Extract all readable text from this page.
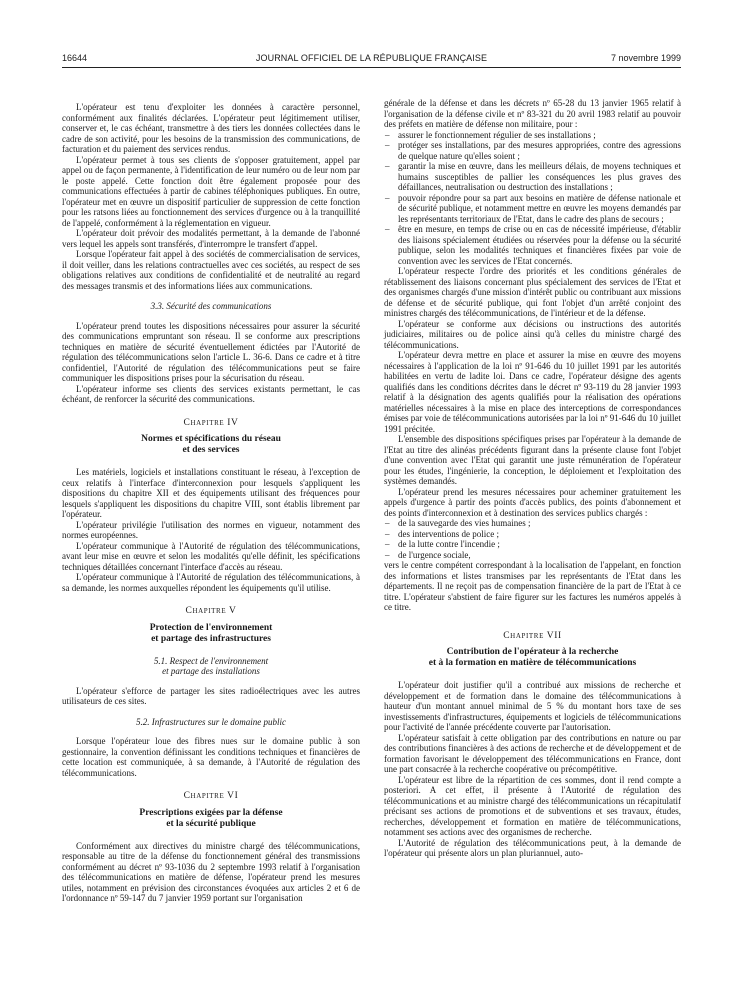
16644	JOURNAL OFFICIEL DE LA RÉPUBLIQUE FRANÇAISE	7 novembre 1999

L'opérateur est tenu d'exploiter les données à caractère personnel, conformément aux finalités déclarées. L'opérateur peut légitimement utiliser, conserver et, le cas échéant, transmettre à des tiers les données collectées dans le cadre de son activité, pour les besoins de la transmission des communications, de facturation et du paiement des services rendus.

L'opérateur permet à tous ses clients de s'opposer gratuitement, appel par appel ou de façon permanente, à l'identification de leur numéro ou de leur nom par le poste appelé. Cette fonction doit être également proposée pour des communications effectuées à partir de cabines téléphoniques publiques. En outre, l'opérateur met en œuvre un dispositif particulier de suppression de cette fonction pour les ratsons liées au fonctionnement des services d'urgence ou à la tranquillité de l'appelé, conformément à la réglementation en vigueur.

L'opérateur doit prévoir des modalités permettant, à la demande de l'abonné vers lequel les appels sont transférés, d'interrompre le transfert d'appel.

Lorsque l'opérateur fait appel à des sociétés de commercialisation de services, il doit veiller, dans les relations contractuelles avec ces sociétés, au respect de ses obligations relatives aux conditions de confidentialité et de neutralité au regard des messages transmis et des informations liées aux communications.

3.3. Sécurité des communications

L'opérateur prend toutes les dispositions nécessaires pour assurer la sécurité des communications empruntant son réseau. Il se conforme aux prescriptions techniques en matière de sécurité éventuellement édictées par l'Autorité de régulation des télécommunications selon l'article L. 36-6. Dans ce cadre et à titre confidentiel, l'Autorité de régulation des télécommunications peut se faire communiquer les dispositions prises pour la sécurisation du réseau.

L'opérateur informe ses clients des services existants permettant, le cas échéant, de renforcer la sécurité des communications.

Chapitre IV
Normes et spécifications du réseau
et des services

Les matériels, logiciels et installations constituant le réseau, à l'exception de ceux relatifs à l'interface d'interconnexion pour lesquels s'appliquent les dispositions du chapitre XII et des équipements utilisant des fréquences pour lesquels s'appliquent les dispositions du chapitre VIII, sont établis librement par l'opérateur.

L'opérateur privilégie l'utilisation des normes en vigueur, notamment des normes européennes.

L'opérateur communique à l'Autorité de régulation des télécommunications, avant leur mise en œuvre et selon les modalités qu'elle définit, les spécifications techniques détaillées concernant l'interface d'accès au réseau.

L'opérateur communique à l'Autorité de régulation des télécommunications, à sa demande, les normes auxquelles répondent les équipements qu'il utilise.

Chapitre V
Protection de l'environnement
et partage des infrastructures
5.1. Respect de l'environnement
et partage des installations

L'opérateur s'efforce de partager les sites radioélectriques avec les autres utilisateurs de ces sites.

5.2. Infrastructures sur le domaine public

Lorsque l'opérateur loue des fibres nues sur le domaine public à son gestionnaire, la convention définissant les conditions techniques et financières de cette location est communiquée, à sa demande, à l'Autorité de régulation des télécommunications.

Chapitre VI
Prescriptions exigées par la défense
et la sécurité publique

Conformément aux directives du ministre chargé des télécommunications, responsable au titre de la défense du fonctionnement général des transmissions conformément au décret nº 93-1036 du 2 septembre 1993 relatif à l'organisation des télécommunications en matière de défense, l'opérateur prend les mesures utiles, notamment en prévision des circonstances évoquées aux articles 2 et 6 de l'ordonnance nº 59-147 du 7 janvier 1959 portant sur l'organisation

générale de la défense et dans les décrets nº 65-28 du 13 janvier 1965 relatif à l'organisation de la défense civile et nº 83-321 du 20 avril 1983 relatif au pouvoir des préfets en matière de défense non militaire, pour :

– assurer le fonctionnement régulier de ses installations ;
– protéger ses installations, par des mesures appropriées, contre des agressions de quelque nature qu'elles soient ;
– garantir la mise en œuvre, dans les meilleurs délais, de moyens techniques et humains susceptibles de pallier les conséquences les plus graves des défaillances, neutralisation ou destruction des installations ;
– pouvoir répondre pour sa part aux besoins en matière de défense nationale et de sécurité publique, et notamment mettre en œuvre les moyens demandés par les représentants territoriaux de l'Etat, dans le cadre des plans de secours ;
– être en mesure, en temps de crise ou en cas de nécessité impérieuse, d'établir des liaisons spécialement étudiées ou réservées pour la défense ou la sécurité publique, selon les modalités techniques et financières fixées par voie de convention avec les services de l'Etat concernés.

L'opérateur respecte l'ordre des priorités et les conditions générales de rétablissement des liaisons concernant plus spécialement des services de l'Etat et des organismes chargés d'une mission d'intérêt public ou contribuant aux missions de défense et de sécurité publique, qui font l'objet d'un arrêté conjoint des ministres chargés des télécommunications, de l'intérieur et de la défense.

L'opérateur se conforme aux décisions ou instructions des autorités judiciaires, militaires ou de police ainsi qu'à celles du ministre chargé des télécommunications.

L'opérateur devra mettre en place et assurer la mise en œuvre des moyens nécessaires à l'application de la loi nº 91-646 du 10 juillet 1991 par les autorités habilitées en vertu de ladite loi. Dans ce cadre, l'opérateur désigne des agents qualifiés dans les conditions décrites dans le décret nº 93-119 du 28 janvier 1993 relatif à la désignation des agents qualifiés pour la réalisation des opérations matérielles nécessaires à la mise en place des interceptions de correspondances émises par voie de télécommunications autorisées par la loi nº 91-646 du 10 juillet 1991 précitée.

L'ensemble des dispositions spécifiques prises par l'opérateur à la demande de l'Etat au titre des alinéas précédents figurant dans la présente clause font l'objet d'une convention avec l'Etat qui garantit une juste rémunération de l'opérateur pour les études, l'ingénierie, la conception, le déploiement et l'exploitation des systèmes demandés.

L'opérateur prend les mesures nécessaires pour acheminer gratuitement les appels d'urgence à partir des points d'accès publics, des points d'abonnement et des points d'interconnexion et à destination des services publics chargés :

– de la sauvegarde des vies humaines ;
– des interventions de police ;
– de la lutte contre l'incendie ;
– de l'urgence sociale,

vers le centre compétent correspondant à la localisation de l'appelant, en fonction des informations et listes transmises par les représentants de l'Etat dans les départements. Il ne reçoit pas de compensation financière de la part de l'Etat à ce titre. L'opérateur s'abstient de faire figurer sur les factures les numéros appelés à ce titre.

Chapitre VII
Contribution de l'opérateur à la recherche
et à la formation en matière de télécommunications

L'opérateur doit justifier qu'il a contribué aux missions de recherche et développement et de formation dans le domaine des télécommunications à hauteur d'un montant annuel minimal de 5 % du montant hors taxe de ses investissements d'infrastructures, équipements et logiciels de télécommunications pour l'activité de l'année précédente couverte par l'autorisation.

L'opérateur satisfait à cette obligation par des contributions en nature ou par des contributions financières à des actions de recherche et de développement et de formation favorisant le développement des télécommunications en France, dont une part consacrée à la recherche coopérative ou précompétitive.

L'opérateur est libre de la répartition de ces sommes, dont il rend compte a posteriori. A cet effet, il présente à l'Autorité de régulation des télécommunications et au ministre chargé des télécommunications un récapitulatif précisant ses actions de promotions et de subventions et ses travaux, études, recherches, développement et formation en matière de télécommunications, notamment ses actions avec des organismes de recherche.

L'Autorité de régulation des télécommunications peut, à la demande de l'opérateur qui présente alors un plan pluriannuel, auto-
